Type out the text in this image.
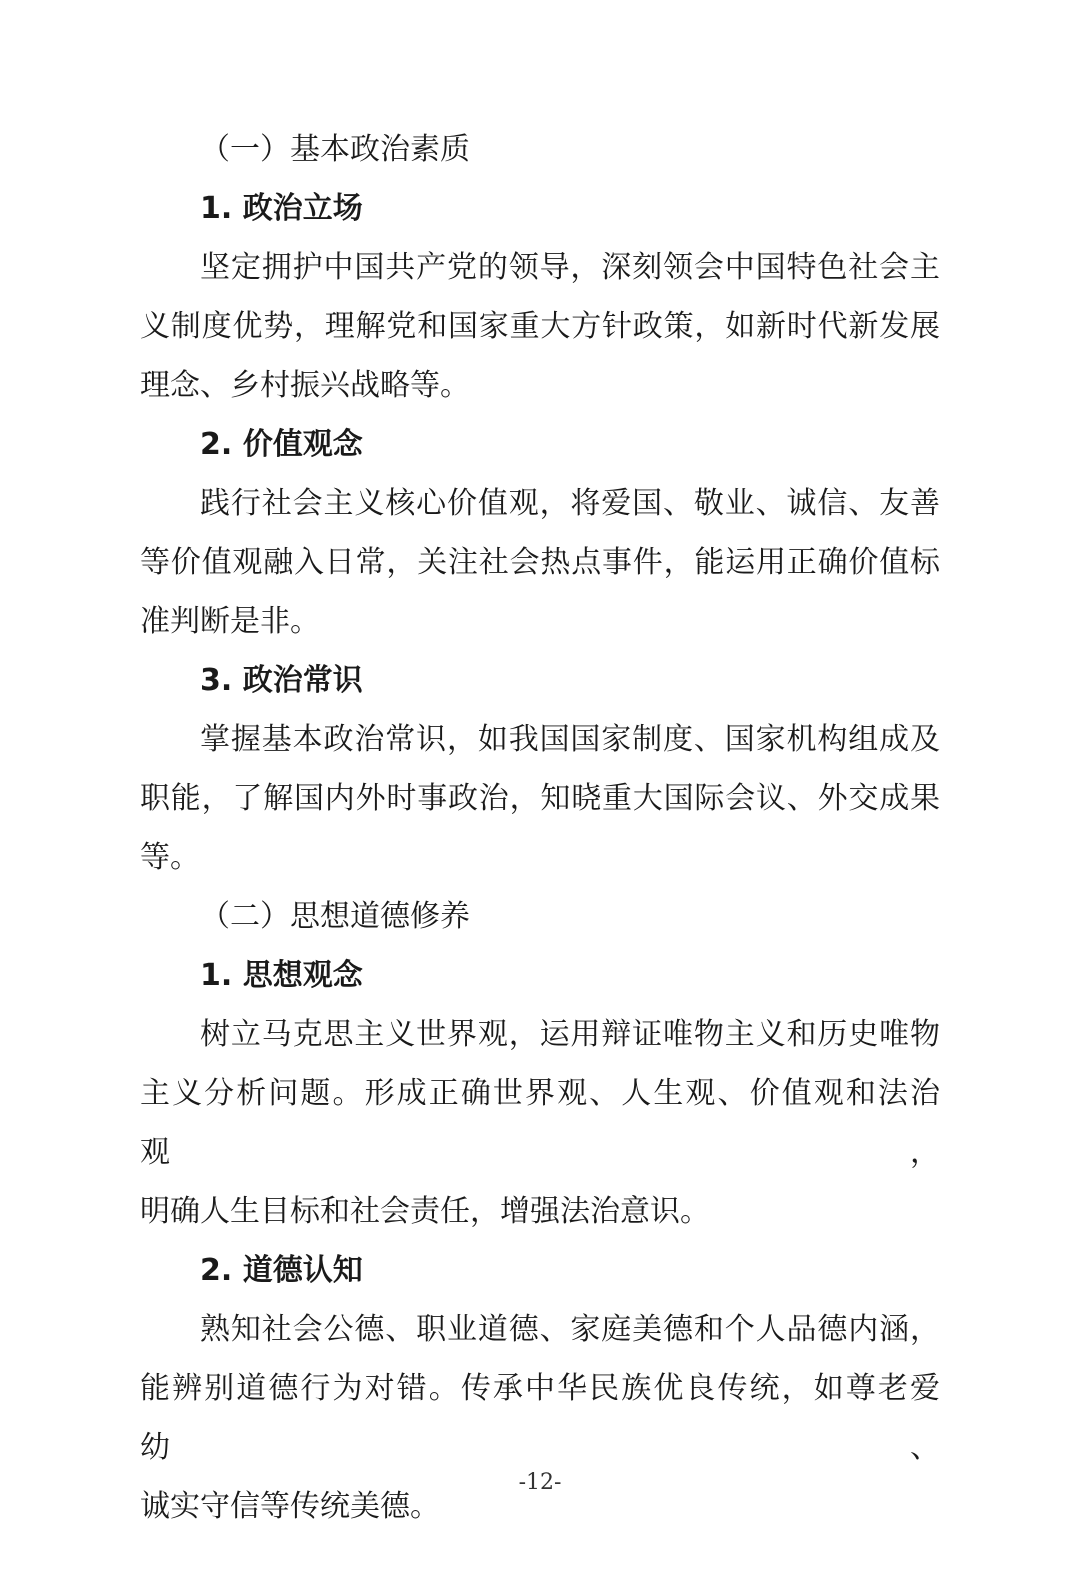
（一）基本政治素质
1. 政治立场
坚定拥护中国共产党的领导，深刻领会中国特色社会主
义制度优势，理解党和国家重大方针政策，如新时代新发展
理念、乡村振兴战略等。
2. 价值观念
践行社会主义核心价值观，将爱国、敬业、诚信、友善
等价值观融入日常，关注社会热点事件，能运用正确价值标
准判断是非。
3. 政治常识
掌握基本政治常识，如我国国家制度、国家机构组成及
职能，了解国内外时事政治，知晓重大国际会议、外交成果
等。
（二）思想道德修养
1. 思想观念
树立马克思主义世界观，运用辩证唯物主义和历史唯物
主义分析问题。形成正确世界观、人生观、价值观和法治观，
明确人生目标和社会责任，增强法治意识。
2. 道德认知
熟知社会公德、职业道德、家庭美德和个人品德内涵，
能辨别道德行为对错。传承中华民族优良传统，如尊老爱幼、
诚实守信等传统美德。
-12-
